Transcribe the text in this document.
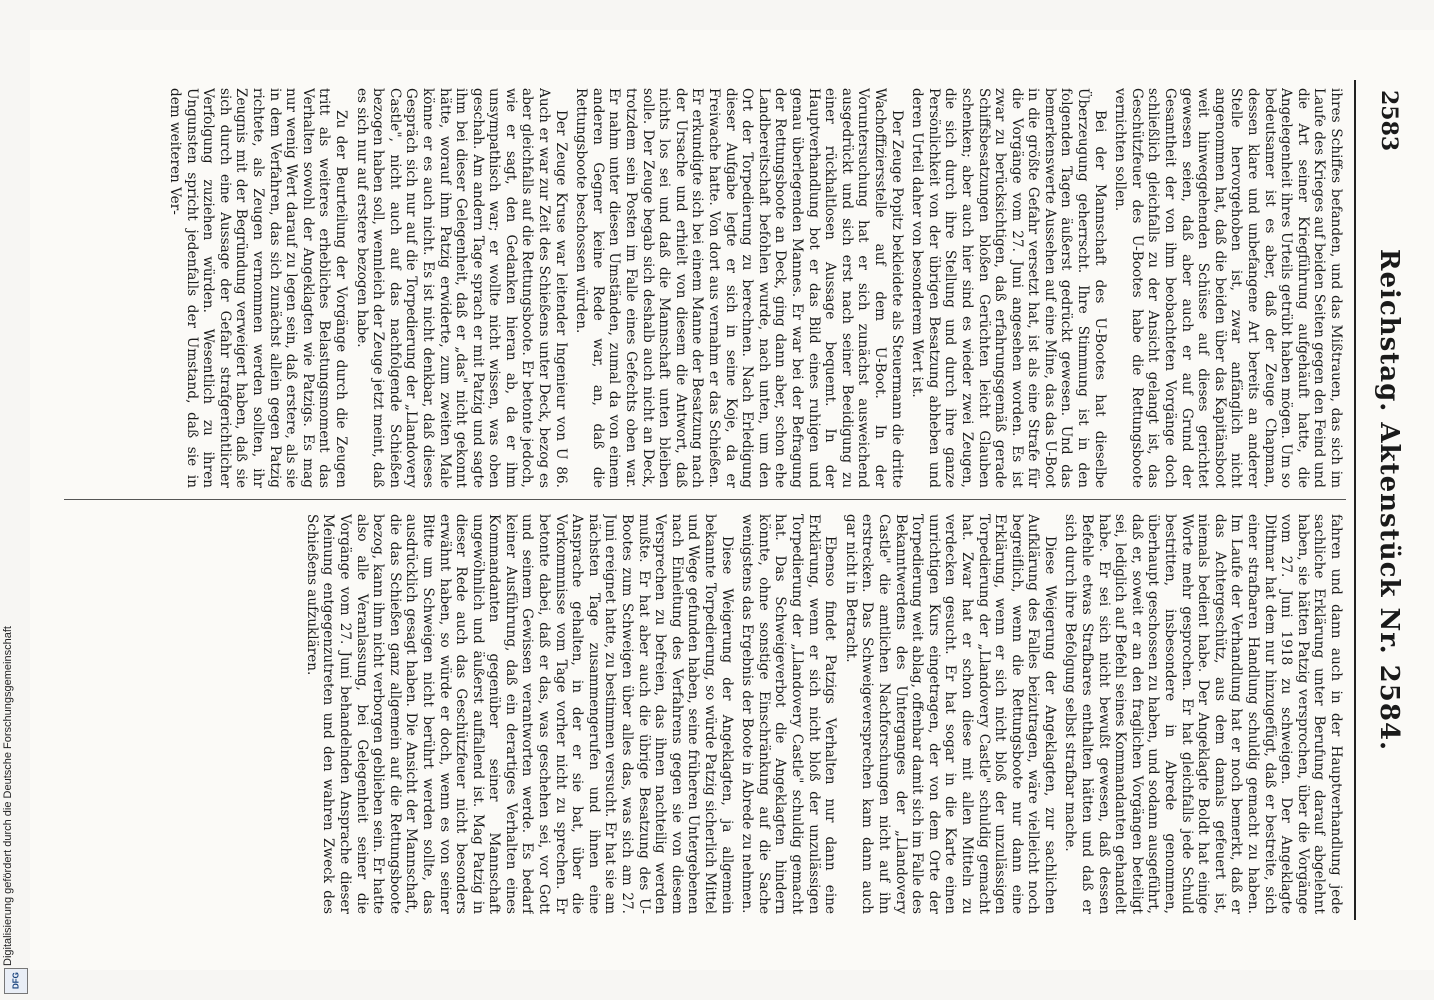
2583
Reichstag. Aktenstück Nr. 2584.

ihres Schiffes befanden, und das Mißtrauen, das sich im Laufe des Krieges auf beiden Seiten gegen den Feind und die Art seiner Kriegführung aufgehäuft hatte, die Angelegenheit ihres Urteils getrübt haben mögen. Um so bedeutsamer ist es aber, daß der Zeuge Chapman, dessen klare und unbefangene Art bereits an anderer Stelle hervorgehoben ist, zwar anfänglich nicht angenommen hat, daß die beiden über das Kapitänsboot weit hinweggehenden Schüsse auf dieses gerichtet gewesen seien, daß aber auch er auf Grund der Gesamtheit der von ihm beobachteten Vorgänge doch schließlich gleichfalls zu der Ansicht gelangt ist, das Geschützfeuer des U-Bootes habe die Rettungsboote vernichten sollen.

Bei der Mannschaft des U-Bootes hat dieselbe Überzeugung geherrscht. Ihre Stimmung ist in den folgenden Tagen äußerst gedrückt gewesen. Und das bemerkenswerte Aussehen auf eine Mine, das das U-Boot in die größte Gefahr versetzt hat, ist als eine Strafe für die Vorgänge vom 27. Juni angesehen worden. Es ist zwar zu berücksichtigen, daß erfahrungsgemäß gerade Schiffsbesatzungen bloßen Gerüchten leicht Glauben schenken; aber auch hier sind es wieder zwei Zeugen, die sich durch ihre Stellung und durch ihre ganze Persönlichkeit von der übrigen Besatzung abheben und deren Urteil daher von besonderem Wert ist.

Der Zeuge Popitz bekleidete als Steuermann die dritte Wachoffiziersstelle auf dem U-Boot. In der Voruntersuchung hat er sich zunächst ausweichend ausgedrückt und sich erst nach seiner Beeidigung zu einer rückhaltlosen Aussage bequemt. In der Hauptverhandlung bot er das Bild eines ruhigen und genau überlegenden Mannes. Er war bei der Befragung der Rettungsboote an Deck, ging dann aber, schon ehe Landbereitschaft befohlen wurde, nach unten, um den Ort der Torpedierung zu berechnen. Nach Erledigung dieser Aufgabe legte er sich in seine Koje, da er Freiwache hatte. Von dort aus vernahm er das Schießen. Er erkundigte sich bei einem Manne der Besatzung nach der Ursache und erhielt von diesem die Antwort, daß nichts los sei und daß die Mannschaft unten bleiben solle. Der Zeuge begab sich deshalb auch nicht an Deck, trotzdem sein Posten im Falle eines Gefechts oben war. Er nahm unter diesen Umständen, zumal da von einem anderen Gegner keine Rede war, an, daß die Rettungsboote beschossen würden.

Der Zeuge Kruse war leitender Ingenieur von U 86. Auch er war zur Zeit des Schießens unter Deck, bezog es aber gleichfalls auf die Rettungsboote. Er betonte jedoch, wie er sagt, den Gedanken hieran ab, da er ihm unsympathisch war; er wollte nicht wissen, was oben geschah. Am andern Tage sprach er mit Patzig und sagte ihm bei dieser Gelegenheit, daß er „das" nicht gekonnt hätte, worauf ihm Patzig erwiderte, zum zweiten Male könne er es auch nicht. Es ist nicht denkbar, daß dieses Gespräch sich nur auf die Torpedierung der „Llandovery Castle", nicht auch auf das nachfolgende Schießen bezogen haben soll, wennleich der Zeuge jetzt meint, daß es sich nur auf erstere bezogen habe.

Zu der Beurteilung der Vorgänge durch die Zeugen tritt als weiteres erhebliches Belastungsmoment das Verhalten sowohl der Angeklagten wie Patzigs. Es mag nur wenig Wert darauf zu legen sein, daß erstere, als sie in dem Verfahren, das sich zunächst allein gegen Patzig richtete, als Zeugen vernommen werden sollten, ihr Zeugnis mit der Begründung verweigert haben, daß sie sich durch eine Aussage der Gefahr strafgerichtlicher Verfolgung zuziehen würden. Wesentlich zu ihren Ungunsten spricht jedenfalls der Umstand, daß sie in dem weiteren Ver-

fahren und dann auch in der Hauptverhandlung jede sachliche Erklärung unter Berufung darauf abgelehnt haben, sie hätten Patzig versprochen, über die Vorgänge vom 27. Juni 1918 zu schweigen. Der Angeklagte Dithmar hat dem nur hinzugefügt, daß er bestreite, sich einer strafbaren Handlung schuldig gemacht zu haben. Im Laufe der Verhandlung hat er noch bemerkt, daß er das Achtergeschütz, aus dem damals gefeuert ist, niemals bedient habe. Der Angeklagte Boldt hat einige Worte mehr gesprochen. Er hat gleichfalls jede Schuld bestritten, insbesondere in Abrede genommen, überhaupt geschossen zu haben, und sodann ausgeführt, daß er, soweit er an den fraglichen Vorgängen beteiligt sei, lediglich auf Befehl seines Kommandanten gehandelt habe. Er sei sich nicht bewußt gewesen, daß dessen Befehle etwas Strafbares enthalten hätten und daß er sich durch ihre Befolgung selbst strafbar mache.

Diese Weigerung der Angeklagten, zur sachlichen Aufklärung des Falles beizutragen, wäre vielleicht noch begreiflich, wenn die Rettungsboote nur dann eine Erklärung, wenn er sich nicht bloß der unzulässigen Torpedierung der „Llandovery Castle" schuldig gemacht hat. Zwar hat er schon diese mit allen Mitteln zu verdecken gesucht. Er hat sogar in die Karte einen unrichtigen Kurs eingetragen, der von dem Orte der Torpedierung weit ablag, offenbar damit sich im Falle des Bekanntwerdens des Unterganges der „Llandovery Castle" die amtlichen Nachforschungen nicht auf ihn erstrecken. Das Schweigeversprechen kam dann auch gar nicht in Betracht.

Ebenso findet Patzigs Verhalten nur dann eine Erklärung, wenn er sich nicht bloß der unzulässigen Torpedierung der „Llandovery Castle" schuldig gemacht hat. Das Schweigeverbot die Angeklagten hindern könnte, ohne sonstige Einschränkung auf die Sache wenigstens das Ergebnis der Boote in Abrede zu nehmen.

Diese Weigerung der Angeklagten, ja allgemein bekannte Torpedierung, so würde Patzig sicherlich Mittel und Wege gefunden haben, seine früheren Untergebenen nach Einleitung des Verfahrens gegen sie von diesem Versprechen zu befreien, das ihnen nachteilig werden mußte. Er hat aber auch die übrige Besatzung des U-Bootes zum Schweigen über alles das, was sich am 27. Juni ereignet hatte, zu bestimmen versucht. Er hat sie am nächsten Tage zusammengerufen und ihnen eine Ansprache gehalten, in der er sie bat, über die Vorkommnisse vom Tage vorher nicht zu sprechen. Er betonte dabei, daß er das, was geschehen sei, vor Gott und seinem Gewissen verantworten werde. Es bedarf keiner Ausführung, daß ein derartiges Verhalten eines Kommandanten gegenüber seiner Mannschaft ungewöhnlich und äußerst auffallend ist. Mag Patzig in dieser Rede auch das Geschützfeuer nicht besonders erwähnt haben, so würde er doch, wenn es von seiner Bitte um Schweigen nicht berührt werden sollte, das ausdrücklich gesagt haben. Die Ansicht der Mannschaft, die das Schießen ganz allgemein auf die Rettungsboote bezog, kann ihm nicht verborgen geblieben sein. Er hatte also alle Veranlassung, bei Gelegenheit seiner die Vorgänge vom 27. Juni behandelnden Ansprache dieser Meinung entgegenzutreten und den wahren Zweck des Schießens aufzuklären.

Digitalisierung gefördert durch die Deutsche Forschungsgemeinschaft
DFG
